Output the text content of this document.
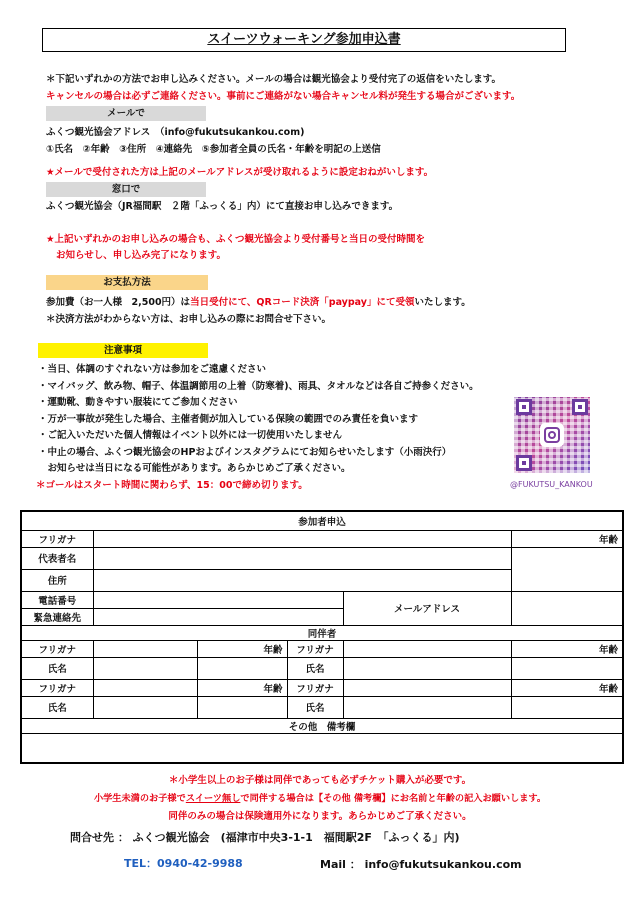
スイーツウォーキング参加申込書
＊下記いずれかの方法でお申し込みください。メールの場合は観光協会より受付完了の返信をいたします。
キャンセルの場合は必ずご連絡ください。事前にご連絡がない場合キャンセル料が発生する場合がございます。
メールで
ふくつ観光協会アドレス　（info@fukutsukankou.com)
①氏名　②年齢　③住所　④連絡先　⑤参加者全員の氏名・年齢を明記の上送信
★メールで受付された方は上記のメールアドレスが受け取れるように設定おねがいします。
窓口で
ふくつ観光協会（JR福間駅　２階「ふっくる」内）にて直接お申し込みできます。
★上記いずれかのお申し込みの場合も、ふくつ観光協会より受付番号と当日の受付時間を
お知らせし、申し込み完了になります。
お支払方法
参加費（お一人様　2,500円）は当日受付にて、QRコード決済「paypay」にて受領いたします。
＊決済方法がわからない方は、お申し込みの際にお問合せ下さい。
注意事項
・当日、体調のすぐれない方は参加をご遠慮ください
・マイバッグ、飲み物、帽子、体温調節用の上着（防寒着)、雨具、タオルなどは各自ご持参ください。
・運動靴、動きやすい服装にてご参加ください
・万が一事故が発生した場合、主催者側が加入している保険の範囲でのみ責任を負います
・ご記入いただいた個人情報はイベント以外には一切使用いたしません
・中止の場合、ふくつ観光協会のHPおよびインスタグラムにてお知らせいたします（小雨決行）
　お知らせは当日になる可能性があります。あらかじめご了承ください。
＊ゴールはスタート時間に関わらず、15：00で締め切ります。	@FUKUTSU_KANKOU
参加者申込					
フリガナ					年齢
代表者名					
住所					
電話番号				メールアドレス	
緊急連絡先					
同伴者					
フリガナ		年齢	フリガナ		年齢
氏名			氏名		
フリガナ		年齢	フリガナ		年齢
氏名			氏名		
その他　備考欄					

＊小学生以上のお子様は同伴であっても必ずチケット購入が必要です。
小学生未満のお子様でスイーツ無しで同伴する場合は【その他 備考欄】にお名前と年齢の記入お願いします。
同伴のみの場合は保険適用外になります。あらかじめご了承ください。
問合せ先 ： ふくつ観光協会　(福津市中央3-1-1　福間駅2F　「ふっくる」内)
TEL：0940-42-9988	Mail ： info@fukutsukankou.com
